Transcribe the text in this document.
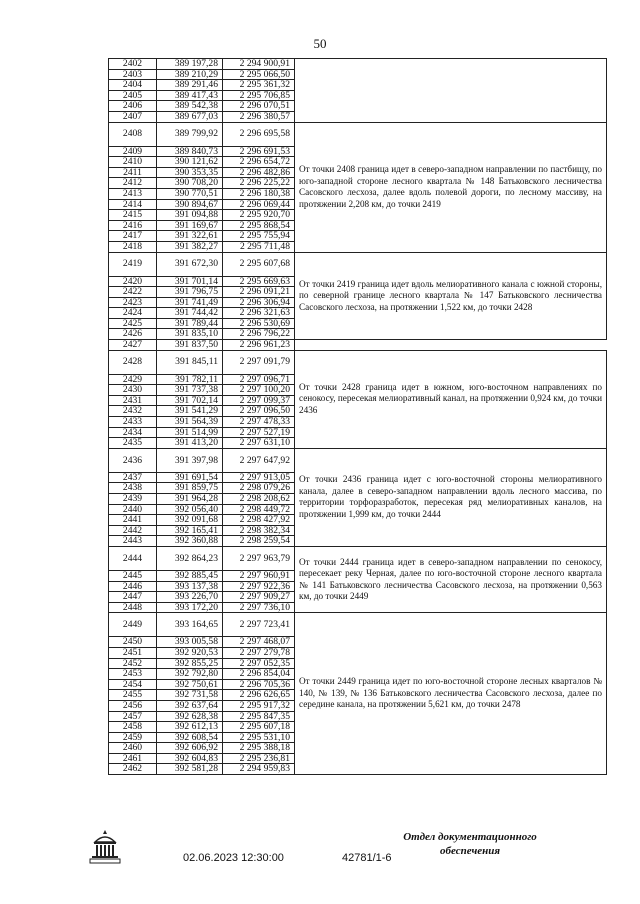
50
2402	389 197,28	2 294 900,91	
2403	389 210,29	2 295 066,50	
2404	389 291,46	2 295 361,32	
2405	389 417,43	2 295 706,85	
2406	389 542,38	2 296 070,51	
2407	389 677,03	2 296 380,57	
2408	389 799,92	2 296 695,58	От точки 2408 граница идет в северо-западном направлении по пастбищу, по юго-западной стороне лесного квартала № 148 Батьковского лесничества Сасовского лесхоза, далее вдоль полевой дороги, по лесному массиву, на протяжении 2,208 км, до точки 2419
2409	389 840,73	2 296 691,53	
2410	390 121,62	2 296 654,72	
2411	390 353,35	2 296 482,86	
2412	390 708,20	2 296 225,22	
2413	390 770,51	2 296 180,38	
2414	390 894,67	2 296 069,44	
2415	391 094,88	2 295 920,70	
2416	391 169,67	2 295 868,54	
2417	391 322,61	2 295 755,94	
2418	391 382,27	2 295 711,48	
2419	391 672,30	2 295 607,68	От точки 2419 граница идет вдоль мелиоративного канала с южной стороны, по северной границе лесного квартала № 147 Батьковского лесничества Сасовского лесхоза, на протяжении 1,522 км, до точки 2428
2420	391 701,14	2 295 669,63	
2422	391 796,75	2 296 091,21	
2423	391 741,49	2 296 306,94	
2424	391 744,42	2 296 321,63	
2425	391 789,44	2 296 530,69	
2426	391 835,10	2 296 796,22	
2427	391 837,50	2 296 961,23	
2428	391 845,11	2 297 091,79	От точки 2428 граница идет в южном, юго-восточном направлениях по сенокосу, пересекая мелиоративный канал, на протяжении 0,924 км, до точки 2436
2429	391 782,11	2 297 096,71	
2430	391 737,38	2 297 100,20	
2431	391 702,14	2 297 099,37	
2432	391 541,29	2 297 096,50	
2433	391 564,39	2 297 478,33	
2434	391 514,99	2 297 527,19	
2435	391 413,20	2 297 631,10	
2436	391 397,98	2 297 647,92	От точки 2436 граница идет с юго-восточной стороны мелиоративного канала, далее в северо-западном направлении вдоль лесного массива, по территории торфоразработок, пересекая ряд мелиоративных каналов, на протяжении 1,999 км, до точки 2444
2437	391 691,54	2 297 913,05	
2438	391 859,75	2 298 079,26	
2439	391 964,28	2 298 208,62	
2440	392 056,40	2 298 449,72	
2441	392 091,68	2 298 427,92	
2442	392 165,41	2 298 382,34	
2443	392 360,88	2 298 259,54	
2444	392 864,23	2 297 963,79	От точки 2444 граница идет в северо-западном направлении по сенокосу, пересекает реку Черная, далее по юго-восточной стороне лесного квартала № 141 Батьковского лесничества Сасовского лесхоза, на протяжении 0,563 км, до точки 2449
2445	392 885,45	2 297 960,91	
2446	393 137,38	2 297 922,36	
2447	393 226,70	2 297 909,27	
2448	393 172,20	2 297 736,10	
2449	393 164,65	2 297 723,41	От точки 2449 граница идет по юго-восточной стороне лесных кварталов № 140, № 139, № 136 Батьковского лесничества Сасовского лесхоза, далее по середине канала, на протяжении 5,621 км, до точки 2478
2450	393 005,58	2 297 468,07	
2451	392 920,53	2 297 279,78	
2452	392 855,25	2 297 052,35	
2453	392 792,80	2 296 854,04	
2454	392 750,61	2 296 705,36	
2455	392 731,58	2 296 626,65	
2456	392 637,64	2 295 917,32	
2457	392 628,38	2 295 847,35	
2458	392 612,13	2 295 607,18	
2459	392 608,54	2 295 531,10	
2460	392 606,92	2 295 388,18	
2461	392 604,83	2 295 236,81	
2462	392 581,28	2 294 959,83	
Отдел документационного
обеспечения
02.06.2023 12:30:00	42781/1-6
